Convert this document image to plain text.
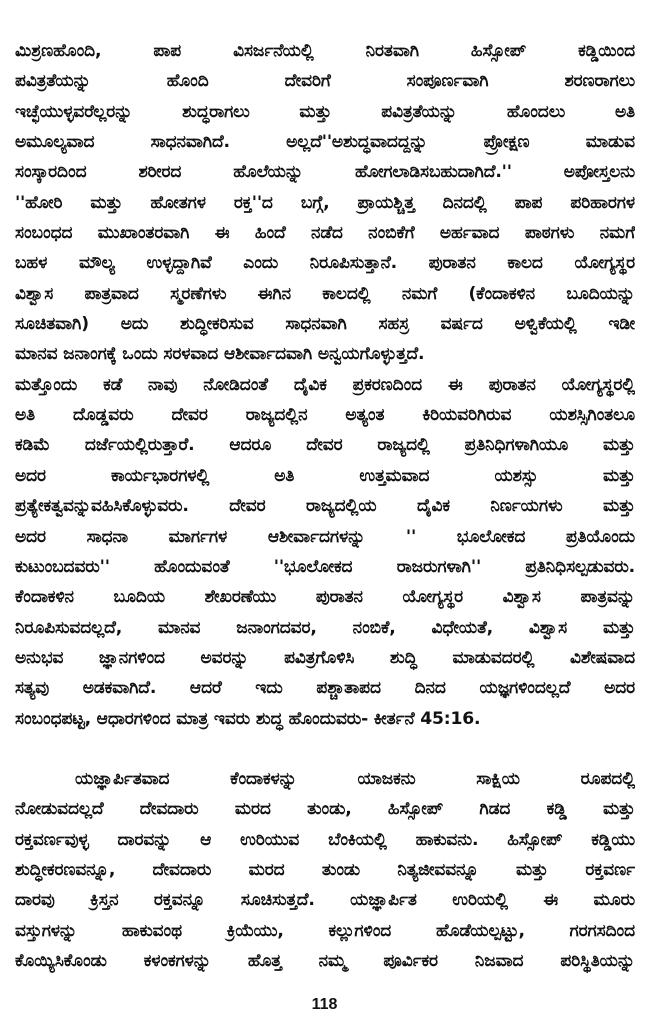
ಮಿಶ್ರಣಹೊಂದಿ, ಪಾಪ ವಿಸರ್ಜನೆಯಲ್ಲಿ ನಿರತವಾಗಿ ಹಿಸ್ಸೋಪ್ ಕಡ್ಡಿಯಿಂದ
ಪವಿತ್ರತೆಯನ್ನು ಹೊಂದಿ ದೇವರಿಗೆ ಸಂಪೂರ್ಣವಾಗಿ ಶರಣರಾಗಲು
ಇಚ್ಛೆಯುಳ್ಳವರೆಲ್ಲರನ್ನು ಶುದ್ಧರಾಗಲು ಮತ್ತು ಪವಿತ್ರತೆಯನ್ನು ಹೊಂದಲು ಅತಿ
ಅಮೂಲ್ಯವಾದ ಸಾಧನವಾಗಿದೆ. ಅಲ್ಲದೆ''ಅಶುದ್ಧವಾದದ್ದನ್ನು ಪ್ರೋಕ್ಷಣ ಮಾಡುವ
ಸಂಸ್ಕಾರದಿಂದ ಶರೀರದ ಹೊಲೆಯನ್ನು ಹೋಗಲಾಡಿಸಬಹುದಾಗಿದೆ.'' ಅಪೋಸ್ತಲನು
''ಹೋರಿ ಮತ್ತು ಹೋತಗಳ ರಕ್ತ''ದ ಬಗ್ಗೆ, ಪ್ರಾಯಶ್ಚಿತ್ತ ದಿನದಲ್ಲಿ ಪಾಪ ಪರಿಹಾರಗಳ
ಸಂಬಂಧದ ಮುಖಾಂತರವಾಗಿ ಈ ಹಿಂದೆ ನಡೆದ ನಂಬಿಕೆಗೆ ಅರ್ಹವಾದ ಪಾಠಗಳು ನಮಗೆ
ಬಹಳ ಮೌಲ್ಯ ಉಳ್ಳದ್ದಾಗಿವೆ ಎಂದು ನಿರೂಪಿಸುತ್ತಾನೆ. ಪುರಾತನ ಕಾಲದ ಯೋಗ್ಯಸ್ಥರ
ವಿಶ್ವಾಸ ಪಾತ್ರವಾದ ಸ್ಮರಣೆಗಳು ಈಗಿನ ಕಾಲದಲ್ಲಿ ನಮಗೆ (ಕೆಂದಾಕಳಿನ ಬೂದಿಯನ್ನು
ಸೂಚಿತವಾಗಿ) ಅದು ಶುದ್ಧೀಕರಿಸುವ ಸಾಧನವಾಗಿ ಸಹಸ್ರ ವರ್ಷದ ಅಳ್ವಿಕೆಯಲ್ಲಿ ಇಡೀ
ಮಾನವ ಜನಾಂಗಕ್ಕೆ ಒಂದು ಸರಳವಾದ ಆಶೀರ್ವಾದವಾಗಿ ಅನ್ವಯಗೊಳ್ಳುತ್ತದೆ.
ಮತ್ತೊಂದು ಕಡೆ ನಾವು ನೋಡಿದಂತೆ ದೈವಿಕ ಪ್ರಕರಣದಿಂದ ಈ ಪುರಾತನ ಯೋಗ್ಯಸ್ಥರಲ್ಲಿ
ಅತಿ ದೊಡ್ಡವರು ದೇವರ ರಾಜ್ಯದಲ್ಲಿನ ಅತ್ಯಂತ ಕಿರಿಯವರಿಗಿರುವ ಯಶಸ್ಸಿಗಿಂತಲೂ
ಕಡಿಮೆ ದರ್ಜೆಯಲ್ಲಿರುತ್ತಾರೆ. ಆದರೂ ದೇವರ ರಾಜ್ಯದಲ್ಲಿ ಪ್ರತಿನಿಧಿಗಳಾಗಿಯೂ ಮತ್ತು
ಅದರ ಕಾರ್ಯಭಾರಗಳಲ್ಲಿ ಅತಿ ಉತ್ತಮವಾದ ಯಶಸ್ಸು ಮತ್ತು
ಪ್ರತ್ಯೇಕತ್ವವನ್ನುವಹಿಸಿಕೊಳ್ಳುವರು. ದೇವರ ರಾಜ್ಯದಲ್ಲಿಯ ದೈವಿಕ ನಿರ್ಣಯಗಳು ಮತ್ತು
ಅದರ ಸಾಧನಾ ಮಾರ್ಗಗಳ ಆಶೀರ್ವಾದಗಳನ್ನು '' ಭೂಲೋಕದ ಪ್ರತಿಯೊಂದು
ಕುಟುಂಬದವರು'' ಹೊಂದುವಂತೆ ''ಭೂಲೋಕದ ರಾಜರುಗಳಾಗಿ'' ಪ್ರತಿನಿಧಿಸಲ್ಪಡುವರು.
ಕೆಂದಾಕಳಿನ ಬೂದಿಯ ಶೇಖರಣೆಯು ಪುರಾತನ ಯೋಗ್ಯಸ್ಥರ ವಿಶ್ವಾಸ ಪಾತ್ರವನ್ನು
ನಿರೂಪಿಸುವದಲ್ಲದೆ, ಮಾನವ ಜನಾಂಗದವರ, ನಂಬಿಕೆ, ವಿಧೇಯತೆ, ವಿಶ್ವಾಸ ಮತ್ತು
ಅನುಭವ ಜ್ಞಾನಗಳಿಂದ ಅವರನ್ನು ಪವಿತ್ರಗೊಳಿಸಿ ಶುದ್ಧಿ ಮಾಡುವದರಲ್ಲಿ ವಿಶೇಷವಾದ
ಸತ್ಯವು ಅಡಕವಾಗಿದೆ. ಆದರೆ ಇದು ಪಶ್ಚಾತಾಪದ ದಿನದ ಯಜ್ಞಗಳಿಂದಲ್ಲದೆ ಅದರ
ಸಂಬಂಧಪಟ್ಟ, ಆಧಾರಗಳಿಂದ ಮಾತ್ರ ಇವರು ಶುದ್ಧ ಹೊಂದುವರು- ಕೀರ್ತನೆ 45:16.
ಯಜ್ಞಾರ್ಪಿತವಾದ ಕೆಂದಾಕಳನ್ನು ಯಾಜಕನು ಸಾಕ್ಷಿಯ ರೂಪದಲ್ಲಿ
ನೋಡುವದಲ್ಲದೆ ದೇವದಾರು ಮರದ ತುಂಡು, ಹಿಸ್ಸೋಪ್ ಗಿಡದ ಕಡ್ಡಿ ಮತ್ತು
ರಕ್ತವರ್ಣವುಳ್ಳ ದಾರವನ್ನು ಆ ಉರಿಯುವ ಬೆಂಕಿಯಲ್ಲಿ ಹಾಕುವನು. ಹಿಸ್ಸೋಪ್ ಕಡ್ಡಿಯು
ಶುದ್ಧೀಕರಣವನ್ನೂ, ದೇವದಾರು ಮರದ ತುಂಡು ನಿತ್ಯಜೀವವನ್ನೂ ಮತ್ತು ರಕ್ತವರ್ಣ
ದಾರವು ಕ್ರಿಸ್ತನ ರಕ್ತವನ್ನೂ ಸೂಚಿಸುತ್ತದೆ. ಯಜ್ಞಾರ್ಪಿತ ಉರಿಯಲ್ಲಿ ಈ ಮೂರು
ವಸ್ತುಗಳನ್ನು ಹಾಕುವಂಥ ಕ್ರಿಯೆಯು, ಕಲ್ಲುಗಳಿಂದ ಹೊಡೆಯಲ್ಪಟ್ಟು, ಗರಗಸದಿಂದ
ಕೊಯ್ಯಿಸಿಕೊಂಡು ಕಳಂಕಗಳನ್ನು ಹೊತ್ತ ನಮ್ಮ ಪೂರ್ವಿಕರ ನಿಜವಾದ ಪರಿಸ್ಥಿತಿಯನ್ನು
118
